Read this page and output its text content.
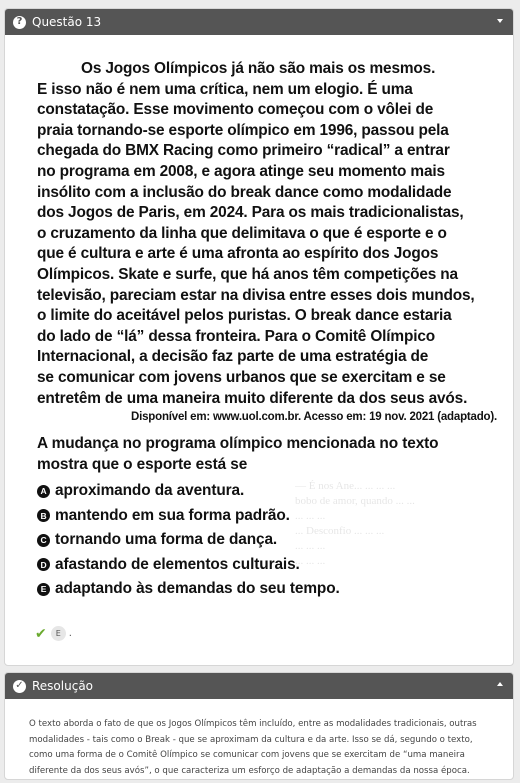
? Questão 13
Os Jogos Olímpicos já não são mais os mesmos.
E isso não é nem uma crítica, nem um elogio. É uma
constatação. Esse movimento começou com o vôlei de
praia tornando-se esporte olímpico em 1996, passou pela
chegada do BMX Racing como primeiro “radical” a entrar
no programa em 2008, e agora atinge seu momento mais
insólito com a inclusão do break dance como modalidade
dos Jogos de Paris, em 2024. Para os mais tradicionalistas,
o cruzamento da linha que delimitava o que é esporte e o
que é cultura e arte é uma afronta ao espírito dos Jogos
Olímpicos. Skate e surfe, que há anos têm competições na
televisão, pareciam estar na divisa entre esses dois mundos,
o limite do aceitável pelos puristas. O break dance estaria
do lado de “lá” dessa fronteira. Para o Comitê Olímpico
Internacional, a decisão faz parte de uma estratégia de
se comunicar com jovens urbanos que se exercitam e se
entretêm de uma maneira muito diferente da dos seus avós.
Disponível em: www.uol.com.br. Acesso em: 19 nov. 2021 (adaptado).
A mudança no programa olímpico mencionada no texto
mostra que o esporte está se
A aproximando da aventura.
B mantendo em sua forma padrão.
C tornando uma forma de dança.
D afastando de elementos culturais.
E adaptando às demandas do seu tempo.
— É nos Ane... ... ... ...
bobo de amor, quando ... ...
... ... ...
... Desconfio ... ... ...
... ... ...
... ... ...
✔	E .
✓ Resolução
O texto aborda o fato de que os Jogos Olímpicos têm incluído, entre as modalidades tradicionais, outras modalidades - tais como o Break - que se aproximam da cultura e da arte. Isso se dá, segundo o texto, como uma forma de o Comitê Olímpico se comunicar com jovens que se exercitam de “uma maneira diferente da dos seus avós”, o que caracteriza um esforço de adaptação a demandas da nossa época.
